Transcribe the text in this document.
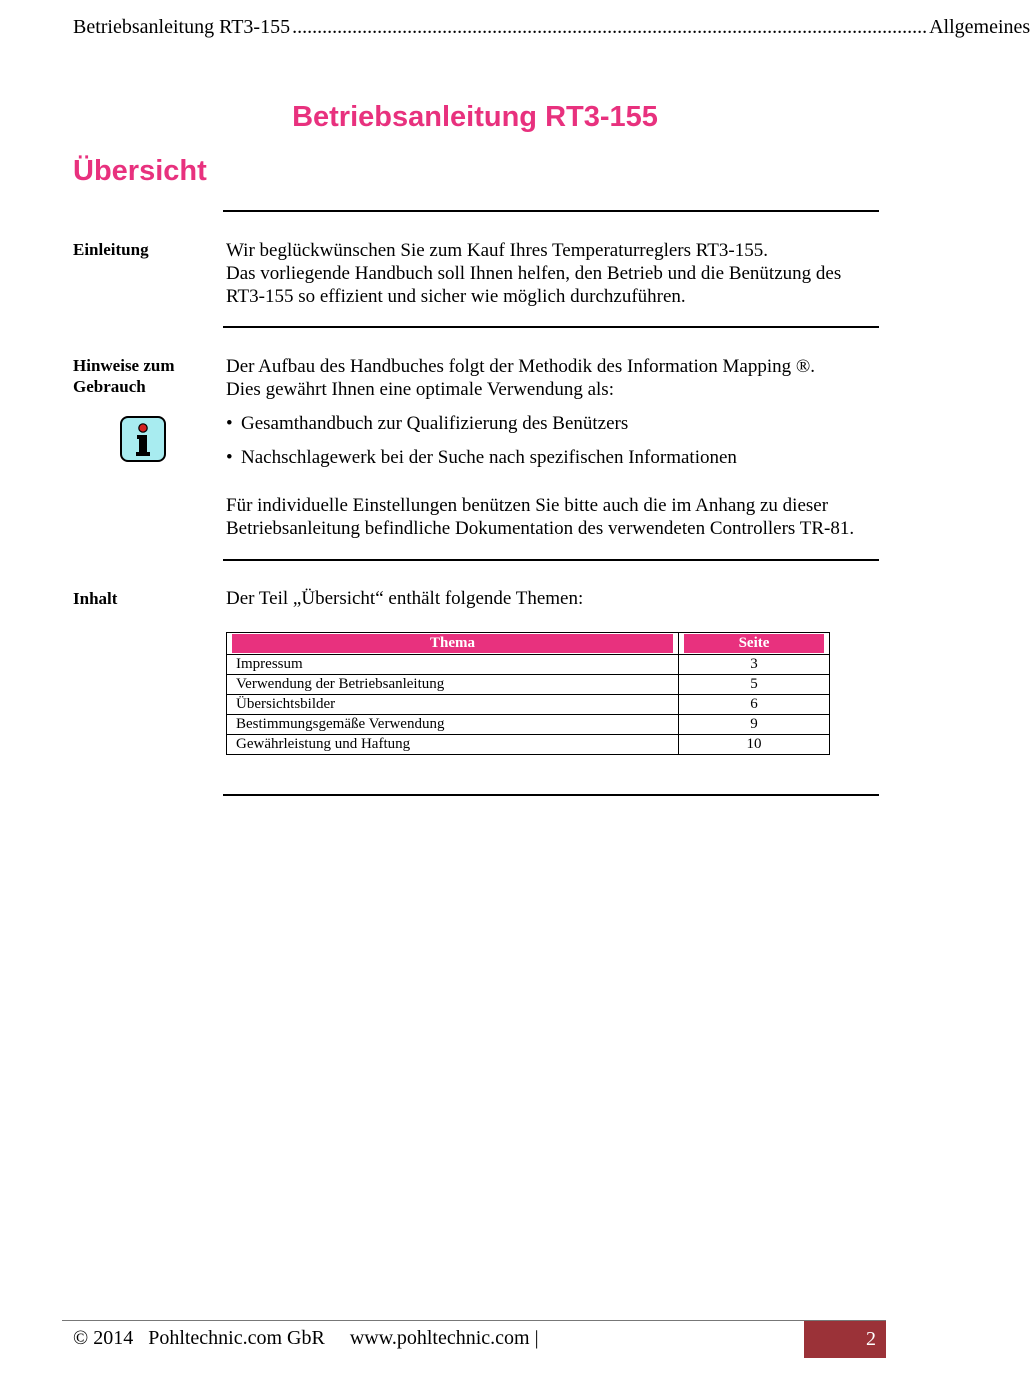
Betriebsanleitung RT3-155 ............................................................................................................................... Allgemeines
Betriebsanleitung RT3-155
Übersicht
Einleitung	Wir beglückwünschen Sie zum Kauf Ihres Temperaturreglers RT3-155.
Das vorliegende Handbuch soll Ihnen helfen, den Betrieb und die Benützung des RT3-155 so effizient und sicher wie möglich durchzuführen.
Hinweise zum
Gebrauch
Der Aufbau des Handbuches folgt der Methodik des Information Mapping ®.
Dies gewährt Ihnen eine optimale Verwendung als:
• Gesamthandbuch zur Qualifizierung des Benützers
• Nachschlagewerk bei der Suche nach spezifischen Informationen
Für individuelle Einstellungen benützen Sie bitte auch die im Anhang zu dieser Betriebsanleitung befindliche Dokumentation des verwendeten Controllers TR-81.
Inhalt	Der Teil „Übersicht“ enthält folgende Themen:
Thema	Seite

Impressum	3
Verwendung der Betriebsanleitung	5
Übersichtsbilder	6
Bestimmungsgemäße Verwendung	9
Gewährleistung und Haftung	10
© 2014   Pohltechnic.com GbR     www.pohltechnic.com |	2
